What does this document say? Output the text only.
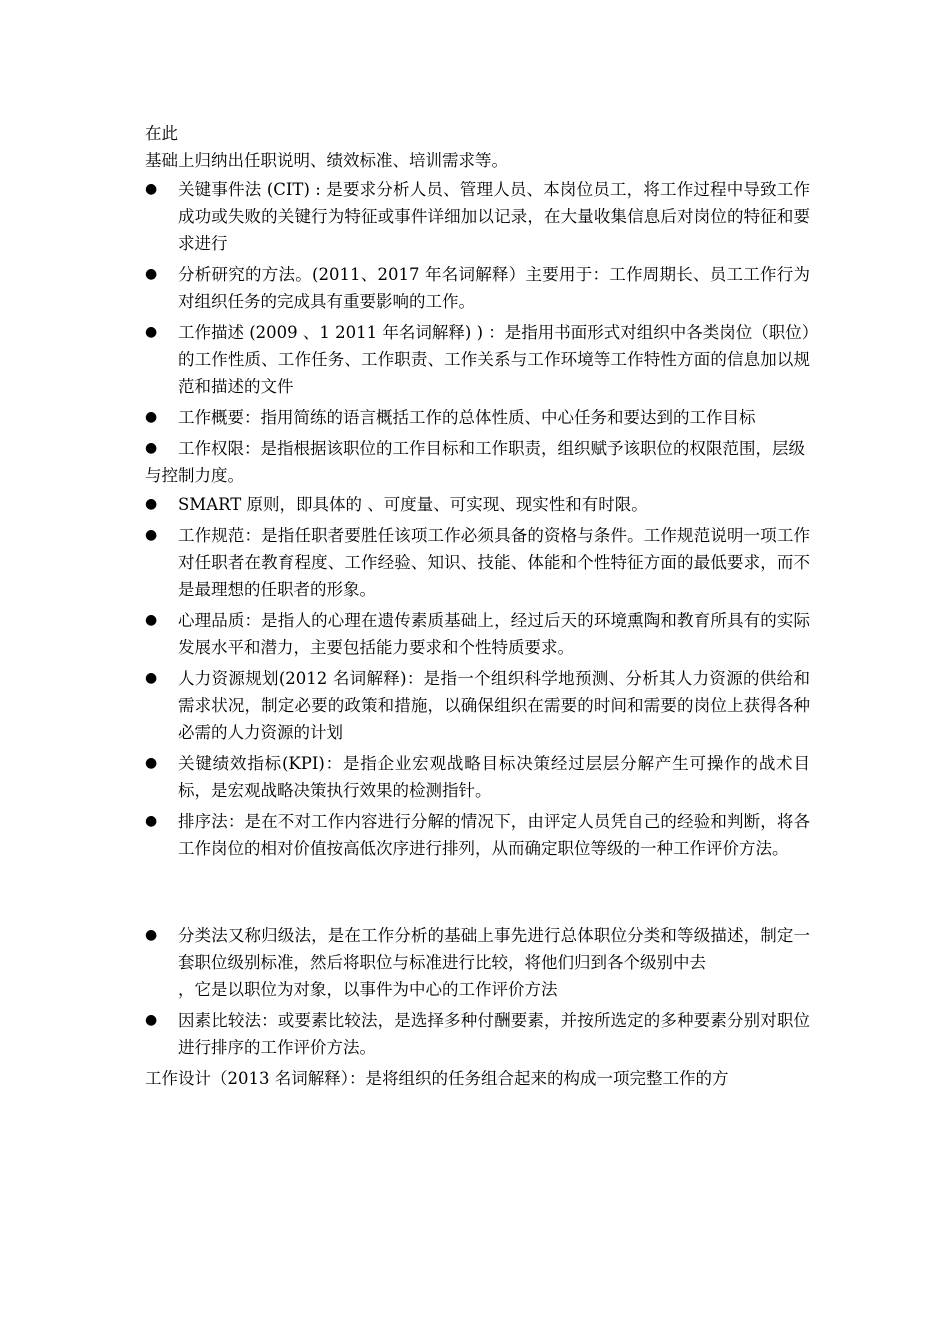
在此

基础上归纳出任职说明、绩效标准、培训需求等。

● 关键事件法 (CIT) : 是要求分析人员、管理人员、本岗位员工，将工作过程中导致工作成功或失败的关键行为特征或事件详细加以记录，在大量收集信息后对岗位的特征和要求进行
● 分析研究的方法。(2011、2017 年名词解释）主要用于：工作周期长、员工工作行为对组织任务的完成具有重要影响的工作。
● 工作描述 (2009 、1 2011 年名词解释) ) ：是指用书面形式对组织中各类岗位（职位）的工作性质、工作任务、工作职责、工作关系与工作环境等工作特性方面的信息加以规范和描述的文件
● 工作概要：指用简练的语言概括工作的总体性质、中心任务和要达到的工作目标
● 工作权限：是指根据该职位的工作目标和工作职责，组织赋予该职位的权限范围，层级

与控制力度。

● SMART 原则，即具体的 、可度量、可实现、现实性和有时限。
● 工作规范：是指任职者要胜任该项工作必须具备的资格与条件。工作规范说明一项工作对任职者在教育程度、工作经验、知识、技能、体能和个性特征方面的最低要求，而不是最理想的任职者的形象。
● 心理品质：是指人的心理在遗传素质基础上，经过后天的环境熏陶和教育所具有的实际发展水平和潜力，主要包括能力要求和个性特质要求。
● 人力资源规划(2012 名词解释)：是指一个组织科学地预测、分析其人力资源的供给和需求状况，制定必要的政策和措施，以确保组织在需要的时间和需要的岗位上获得各种必需的人力资源的计划
● 关键绩效指标(KPI)：是指企业宏观战略目标决策经过层层分解产生可操作的战术目标，是宏观战略决策执行效果的检测指针。
● 排序法：是在不对工作内容进行分解的情况下，由评定人员凭自己的经验和判断，将各工作岗位的相对价值按高低次序进行排列，从而确定职位等级的一种工作评价方法。
● 分类法又称归级法，是在工作分析的基础上事先进行总体职位分类和等级描述，制定一套职位级别标准，然后将职位与标准进行比较，将他们归到各个级别中去

，它是以职位为对象，以事件为中心的工作评价方法

● 因素比较法：或要素比较法，是选择多种付酬要素，并按所选定的多种要素分别对职位进行排序的工作评价方法。

工作设计（2013 名词解释）：是将组织的任务组合起来的构成一项完整工作的方
